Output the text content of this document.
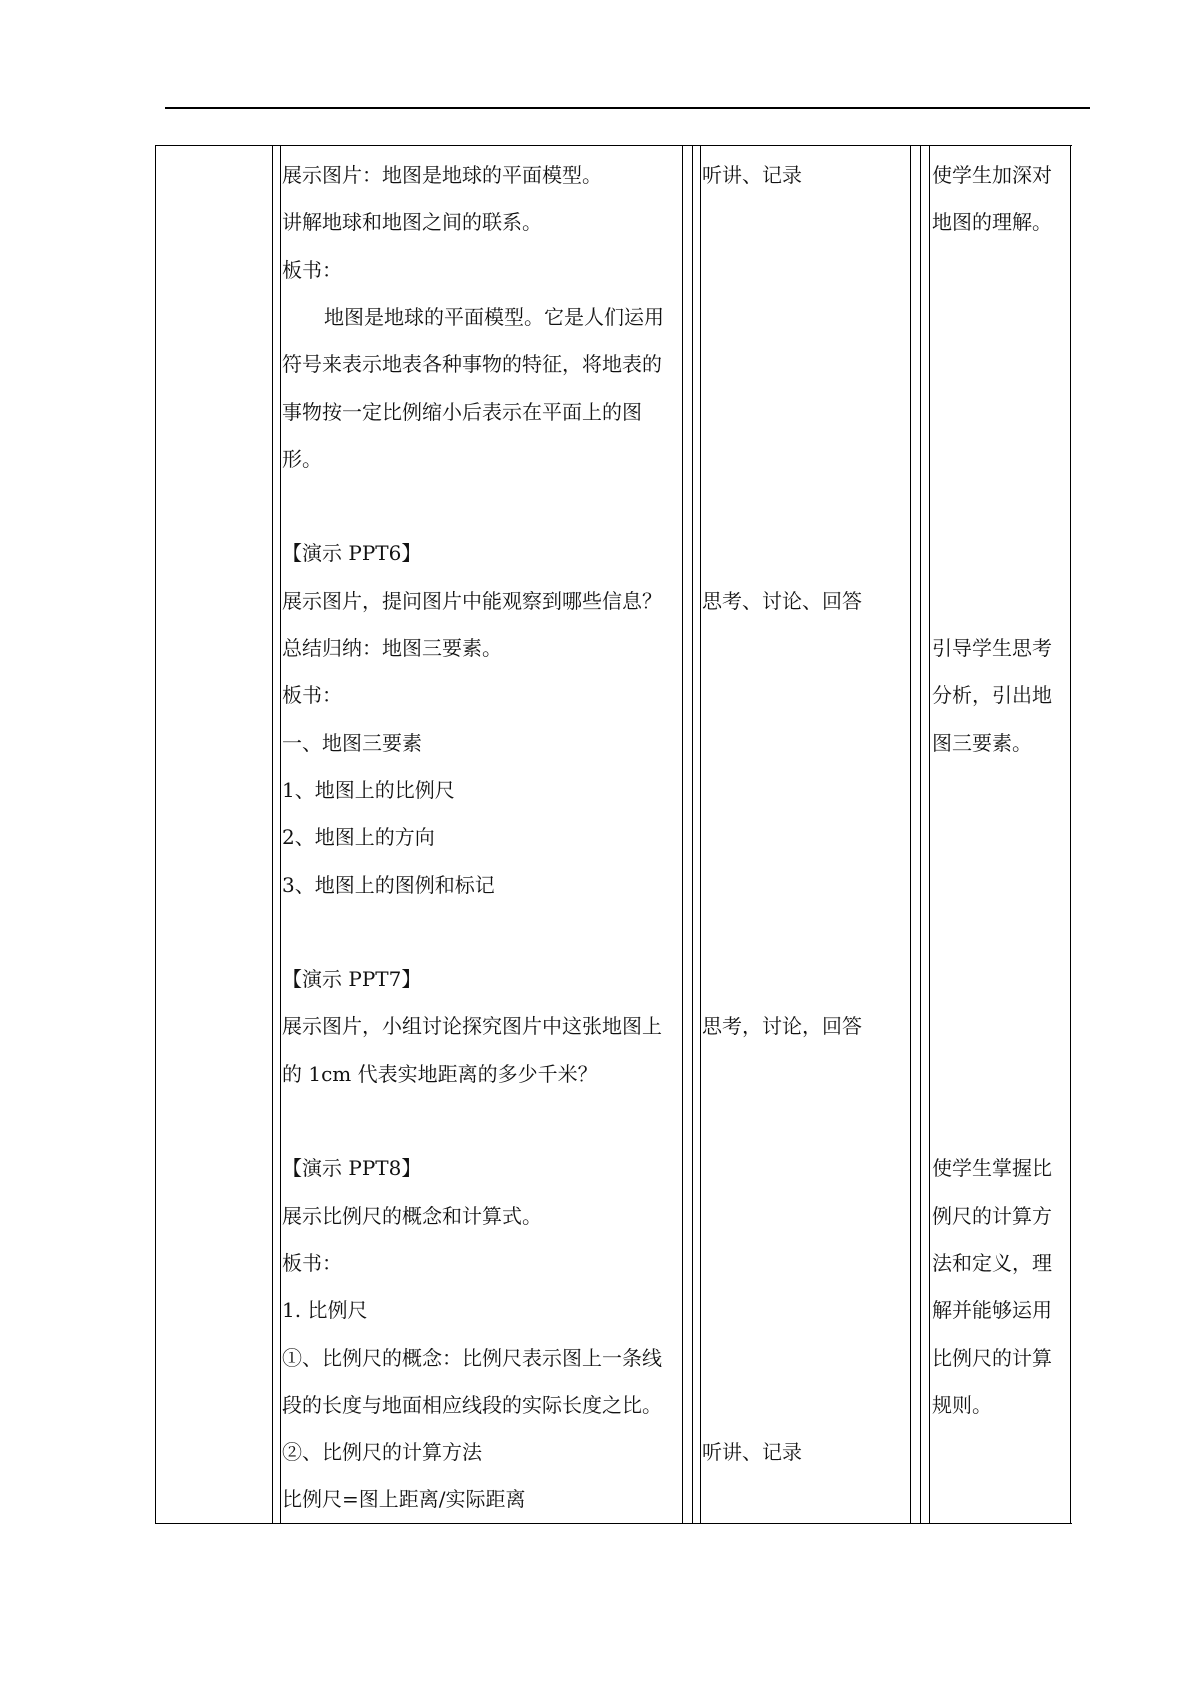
展示图片：地图是地球的平面模型。
讲解地球和地图之间的联系。
板书：
地图是地球的平面模型。它是人们运用
符号来表示地表各种事物的特征，将地表的
事物按一定比例缩小后表示在平面上的图
形。
【演示 PPT6】
展示图片，提问图片中能观察到哪些信息？
总结归纳：地图三要素。
板书：
一、地图三要素
1、地图上的比例尺
2、地图上的方向
3、地图上的图例和标记
【演示 PPT7】
展示图片，小组讨论探究图片中这张地图上
的 1cm 代表实地距离的多少千米？
【演示 PPT8】
展示比例尺的概念和计算式。
板书：
1. 比例尺
①、比例尺的概念：比例尺表示图上一条线
段的长度与地面相应线段的实际长度之比。
②、比例尺的计算方法
比例尺=图上距离/实际距离
听讲、记录
思考、讨论、回答
思考，讨论，回答
听讲、记录
使学生加深对
地图的理解。
引导学生思考
分析，引出地
图三要素。
使学生掌握比
例尺的计算方
法和定义，理
解并能够运用
比例尺的计算
规则。
